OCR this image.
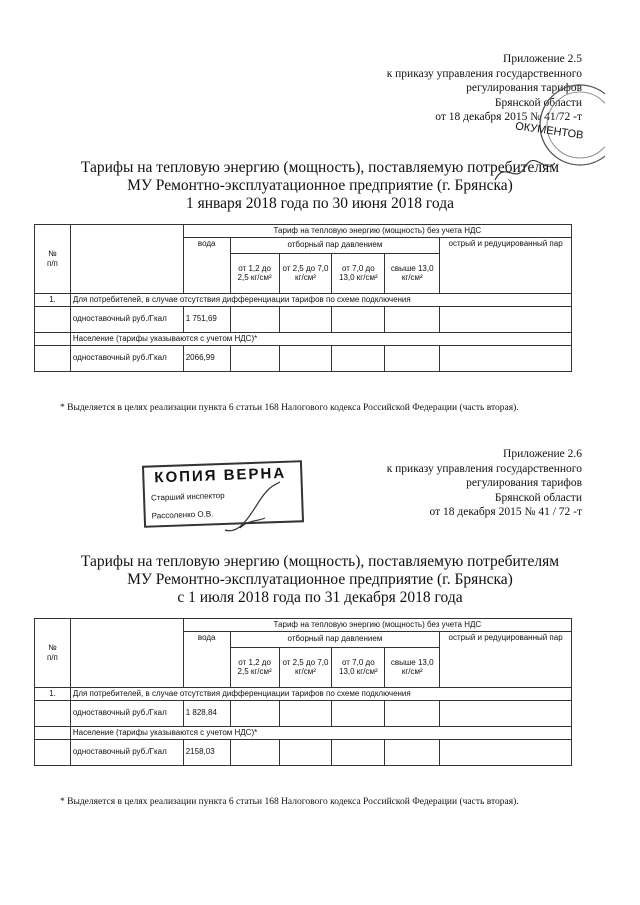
Приложение 2.5
к приказу управления государственного
регулирования тарифов
Брянской области
от 18 декабря 2015 № 41/72 -т
Тарифы на тепловую энергию (мощность), поставляемую потребителям
МУ Ремонтно-эксплуатационное предприятие (г. Брянска)
1 января 2018 года по 30 июня 2018 года
№
п/п		Тариф на тепловую энергию (мощность) без учета НДС					
		вода	отборный пар давлением				острый и редуцированный пар
			от 1,2 до 2,5 кг/см²	от 2,5 до 7,0 кг/см²	от 7,0 до 13,0 кг/см²	свыше 13,0 кг/см²	
1.	Для потребителей, в случае отсутствия дифференциации тарифов по схеме подключения						
	одноставочный руб./Гкал	1 751,69					
	Население (тарифы указываются с учетом НДС)*						
	одноставочный руб./Гкал	2066,99					
* Выделяется в целях реализации пункта 6 статьи 168 Налогового кодекса Российской Федерации (часть вторая).
ОКУМЕНТОВ
Приложение 2.6
к приказу управления государственного
регулирования тарифов
Брянской области
от 18 декабря 2015 № 41 / 72 -т
КОПИЯ ВЕРНА
Старший инспектор
Рассоленко О.В.
Тарифы на тепловую энергию (мощность), поставляемую потребителям
МУ Ремонтно-эксплуатационное предприятие (г. Брянска)
с 1 июля 2018 года по 31 декабря 2018 года
№
п/п		Тариф на тепловую энергию (мощность) без учета НДС					
		вода	отборный пар давлением				острый и редуцированный пар
			от 1,2 до 2,5 кг/см²	от 2,5 до 7,0 кг/см²	от 7,0 до 13,0 кг/см²	свыше 13,0 кг/см²	
1.	Для потребителей, в случае отсутствия дифференциации тарифов по схеме подключения						
	одноставочный руб./Гкал	1 828,84					
	Население (тарифы указываются с учетом НДС)*						
	одноставочный руб./Гкал	2158,03					
* Выделяется в целях реализации пункта 6 статьи 168 Налогового кодекса Российской Федерации (часть вторая).
